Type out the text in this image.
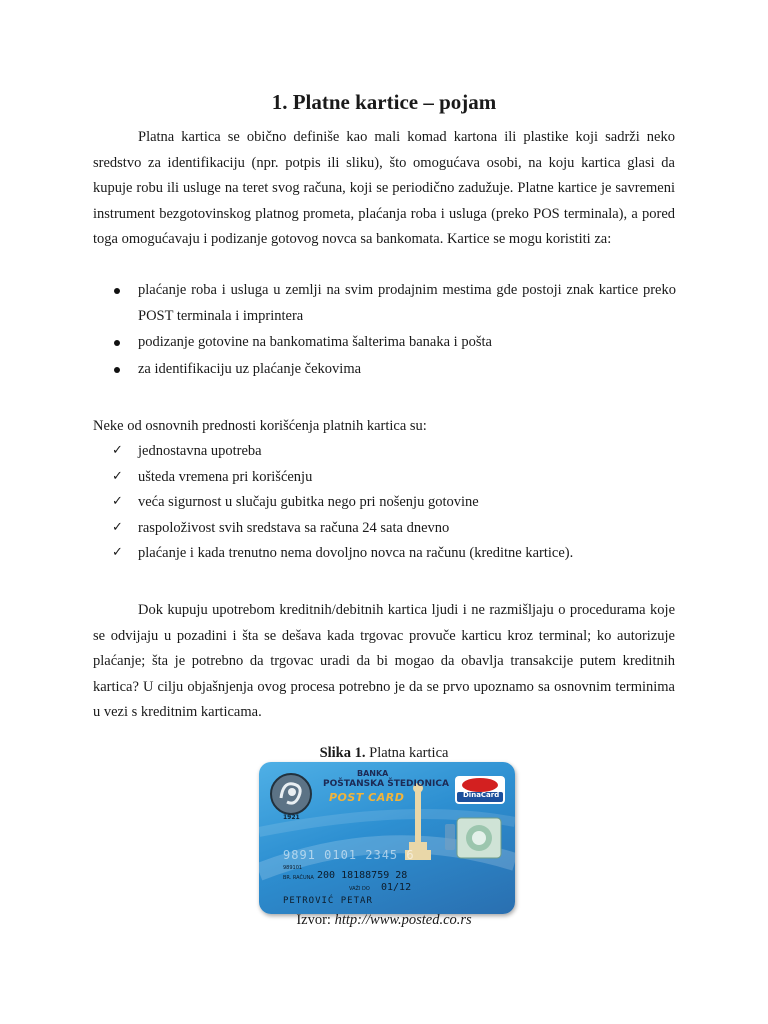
1. Platne kartice – pojam

Platna kartica se obično definiše kao mali komad kartona ili plastike koji sadrži neko sredstvo za identifikaciju (npr. potpis ili sliku), što omogućava osobi, na koju kartica glasi da kupuje robu ili usluge na teret svog računa, koji se periodično zadužuje. Platne kartice je savremeni instrument bezgotovinskog platnog prometa, plaćanja roba i usluga (preko POS terminala), a pored toga omogućavaju i podizanje gotovog novca sa bankomata. Kartice se mogu koristiti za:

plaćanje roba i usluga u zemlji na svim prodajnim mestima gde postoji znak kartice preko POST terminala i imprintera
podizanje gotovine na bankomatima šalterima banaka i pošta
za identifikaciju uz plaćanje čekovima

Neke od osnovnih prednosti korišćenja platnih kartica su:

✓ jednostavna upotreba
✓ ušteda vremena pri korišćenju
✓ veća sigurnost u slučaju gubitka nego pri nošenju gotovine
✓ raspoloživost svih sredstava sa računa 24 sata dnevno
✓ plaćanje i kada trenutno nema dovoljno novca na računu (kreditne kartice).

Dok kupuju upotrebom kreditnih/debitnih kartica ljudi i ne razmišljaju o procedurama koje se odvijaju u pozadini i šta se dešava kada trgovac provuče karticu kroz terminal; ko autorizuje plaćanje; šta je potrebno da trgovac uradi da bi mogao da obavlja transakcije putem kreditnih kartica? U cilju objašnjenja ovog procesa potrebno je da se prvo upoznamo sa osnovnim terminima u vezi s kreditnim karticama.

Slika 1. Platna kartica
BANKA
POŠTANSKA ŠTEDIONICA
POST CARD	DinaCard
1921
9891 0101 2345 6
989101
BR. RAČUNA 200 18188759 28
VAŽI DO 01/12
PETROVIĆ PETAR
Izvor: http://www.posted.co.rs
